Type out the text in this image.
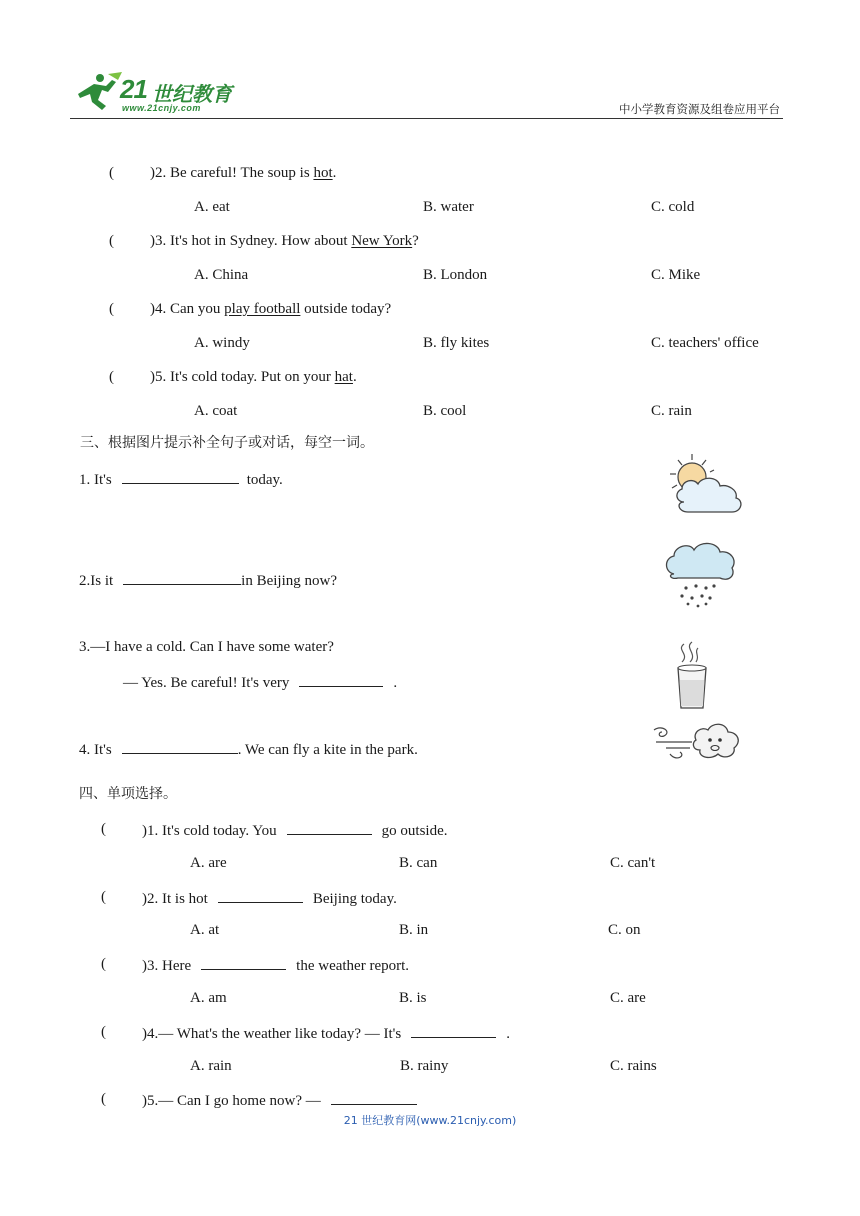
21 世纪教育
www.21cnjy.com	中小学教育资源及组卷应用平台
( )2. Be careful! The soup is hot.
A. eat	B. water	C. cold
( )3. It's hot in Sydney. How about New York?
A. China	B. London	C. Mike
( )4. Can you play football outside today?
A. windy	B. fly kites	C. teachers' office
( )5. It's cold today. Put on your hat.
A. coat	B. cool	C. rain
三、根据图片提示补全句子或对话，每空一词。
1. It's	today.
2.Is it	in Beijing now?
3.—I have a cold. Can I have some water?
— Yes. Be careful! It's very	.
4. It's	. We can fly a kite in the park.
四、单项选择。
( )1. It's cold today. You	go outside.
A. are	B. can	C. can't
( )2. It is hot	Beijing today.
A. at	B. in	C. on
( )3. Here	the weather report.
A. am	B. is	C. are
( )4.— What's the weather like today? — It's	.
A. rain	B. rainy	C. rains
( )5.— Can I go home now? —
21 世纪教育网(www.21cnjy.com)
